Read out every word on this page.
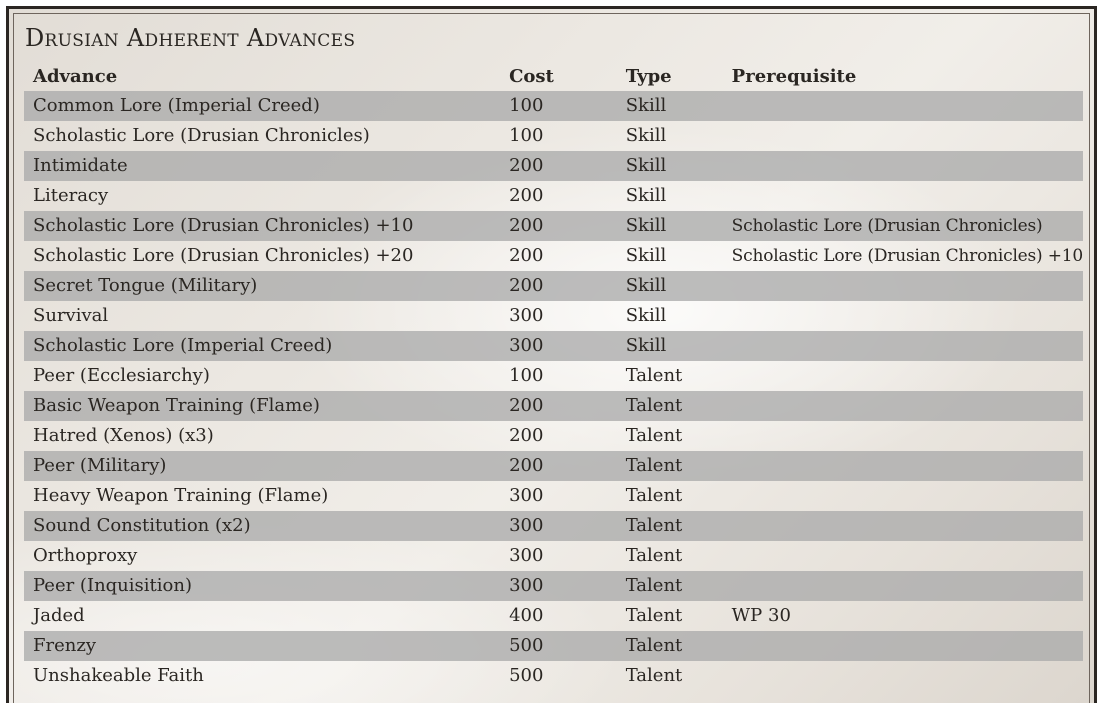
Drusian Adherent Advances
Advance	Cost	Type	Prerequisite
Common Lore (Imperial Creed)	100	Skill	
Scholastic Lore (Drusian Chronicles)	100	Skill	
Intimidate	200	Skill	
Literacy	200	Skill	
Scholastic Lore (Drusian Chronicles) +10	200	Skill	Scholastic Lore (Drusian Chronicles)
Scholastic Lore (Drusian Chronicles) +20	200	Skill	Scholastic Lore (Drusian Chronicles) +10
Secret Tongue (Military)	200	Skill	
Survival	300	Skill	
Scholastic Lore (Imperial Creed)	300	Skill	
Peer (Ecclesiarchy)	100	Talent	
Basic Weapon Training (Flame)	200	Talent	
Hatred (Xenos) (x3)	200	Talent	
Peer (Military)	200	Talent	
Heavy Weapon Training (Flame)	300	Talent	
Sound Constitution (x2)	300	Talent	
Orthoproxy	300	Talent	
Peer (Inquisition)	300	Talent	
Jaded	400	Talent	WP 30
Frenzy	500	Talent	
Unshakeable Faith	500	Talent	
